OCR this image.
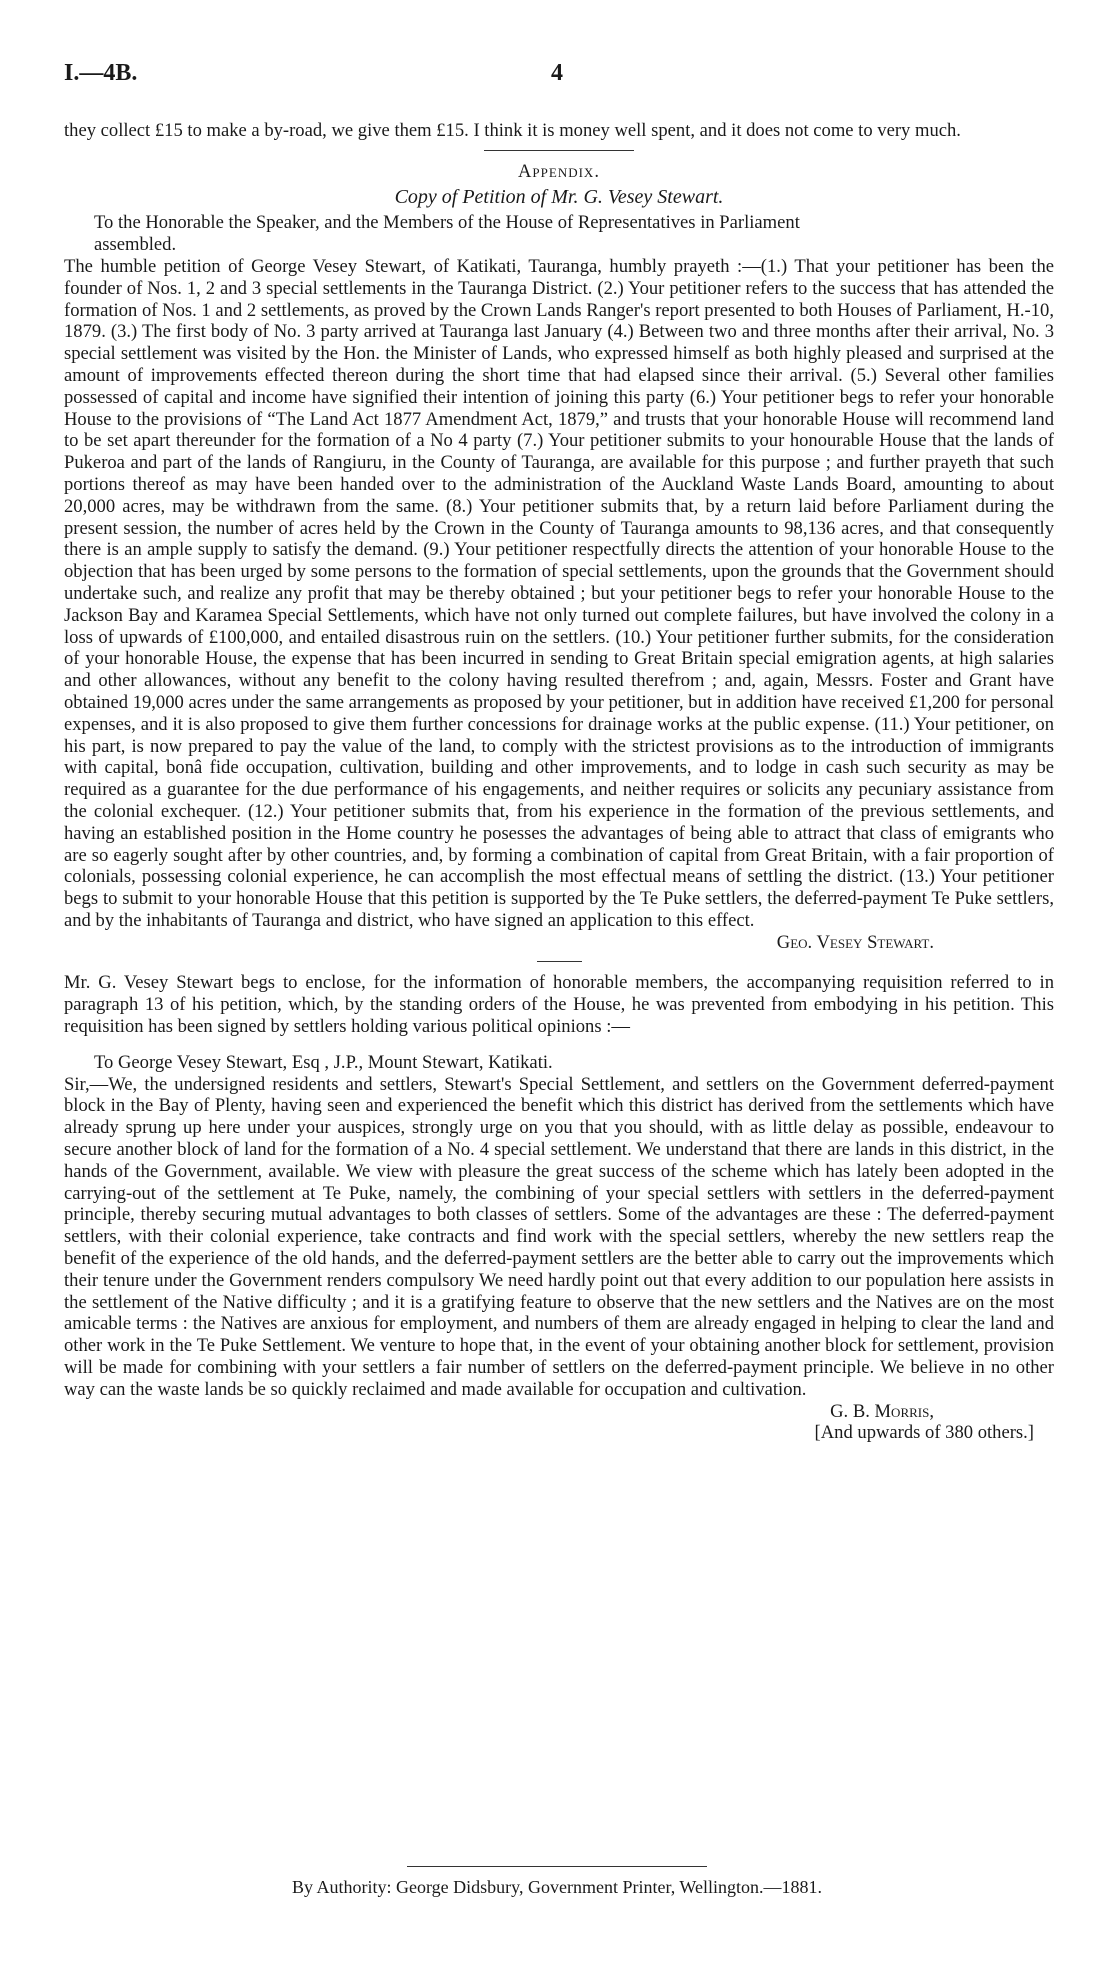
I.—4B.	4

they collect £15 to make a by-road, we give them £15. I think it is money well spent, and it does not come to very much.

Appendix.
Copy of Petition of Mr. G. Vesey Stewart.

To the Honorable the Speaker, and the Members of the House of Representatives in Parliament

assembled.

The humble petition of George Vesey Stewart, of Katikati, Tauranga, humbly prayeth :—(1.) That your petitioner has been the founder of Nos. 1, 2 and 3 special settlements in the Tauranga District. (2.) Your petitioner refers to the success that has attended the formation of Nos. 1 and 2 settlements, as proved by the Crown Lands Ranger's report presented to both Houses of Parliament, H.-10, 1879. (3.) The first body of No. 3 party arrived at Tauranga last January (4.) Between two and three months after their arrival, No. 3 special settlement was visited by the Hon. the Minister of Lands, who expressed himself as both highly pleased and surprised at the amount of improvements effected thereon during the short time that had elapsed since their arrival. (5.) Several other families possessed of capital and income have signified their intention of joining this party (6.) Your petitioner begs to refer your honorable House to the provisions of “The Land Act 1877 Amendment Act, 1879,” and trusts that your honorable House will recommend land to be set apart thereunder for the formation of a No 4 party (7.) Your petitioner submits to your honourable House that the lands of Pukeroa and part of the lands of Rangiuru, in the County of Tauranga, are available for this purpose ; and further prayeth that such portions thereof as may have been handed over to the administration of the Auckland Waste Lands Board, amounting to about 20,000 acres, may be withdrawn from the same. (8.) Your petitioner submits that, by a return laid before Parliament during the present session, the number of acres held by the Crown in the County of Tauranga amounts to 98,136 acres, and that consequently there is an ample supply to satisfy the demand. (9.) Your petitioner respectfully directs the attention of your honorable House to the objection that has been urged by some persons to the formation of special settlements, upon the grounds that the Government should undertake such, and realize any profit that may be thereby obtained ; but your petitioner begs to refer your honorable House to the Jackson Bay and Karamea Special Settlements, which have not only turned out complete failures, but have involved the colony in a loss of upwards of £100,000, and entailed disastrous ruin on the settlers. (10.) Your petitioner further submits, for the consideration of your honorable House, the expense that has been incurred in sending to Great Britain special emigration agents, at high salaries and other allowances, without any benefit to the colony having resulted therefrom ; and, again, Messrs. Foster and Grant have obtained 19,000 acres under the same arrangements as proposed by your petitioner, but in addition have received £1,200 for personal expenses, and it is also proposed to give them further concessions for drainage works at the public expense. (11.) Your petitioner, on his part, is now prepared to pay the value of the land, to comply with the strictest provisions as to the introduction of immigrants with capital, bonâ fide occupation, cultivation, building and other improvements, and to lodge in cash such security as may be required as a guarantee for the due performance of his engagements, and neither requires or solicits any pecuniary assistance from the colonial exchequer. (12.) Your petitioner submits that, from his experience in the formation of the previous settlements, and having an established position in the Home country he posesses the advantages of being able to attract that class of emigrants who are so eagerly sought after by other countries, and, by forming a combination of capital from Great Britain, with a fair proportion of colonials, possessing colonial experience, he can accomplish the most effectual means of settling the district. (13.) Your petitioner begs to submit to your honorable House that this petition is supported by the Te Puke settlers, the deferred-payment Te Puke settlers, and by the inhabitants of Tauranga and district, who have signed an application to this effect.

Geo. Vesey Stewart.

Mr. G. Vesey Stewart begs to enclose, for the information of honorable members, the accompanying requisition referred to in paragraph 13 of his petition, which, by the standing orders of the House, he was prevented from embodying in his petition. This requisition has been signed by settlers holding various political opinions :—

To George Vesey Stewart, Esq , J.P., Mount Stewart, Katikati.

Sir,—We, the undersigned residents and settlers, Stewart's Special Settlement, and settlers on the Government deferred-payment block in the Bay of Plenty, having seen and experienced the benefit which this district has derived from the settlements which have already sprung up here under your auspices, strongly urge on you that you should, with as little delay as possible, endeavour to secure another block of land for the formation of a No. 4 special settlement. We understand that there are lands in this district, in the hands of the Government, available. We view with pleasure the great success of the scheme which has lately been adopted in the carrying-out of the settlement at Te Puke, namely, the combining of your special settlers with settlers in the deferred-payment principle, thereby securing mutual advantages to both classes of settlers. Some of the advantages are these : The deferred-payment settlers, with their colonial experience, take contracts and find work with the special settlers, whereby the new settlers reap the benefit of the experience of the old hands, and the deferred-payment settlers are the better able to carry out the improvements which their tenure under the Government renders compulsory We need hardly point out that every addition to our population here assists in the settlement of the Native difficulty ; and it is a gratifying feature to observe that the new settlers and the Natives are on the most amicable terms : the Natives are anxious for employment, and numbers of them are already engaged in helping to clear the land and other work in the Te Puke Settlement. We venture to hope that, in the event of your obtaining another block for settlement, provision will be made for combining with your settlers a fair number of settlers on the deferred-payment principle. We believe in no other way can the waste lands be so quickly reclaimed and made available for occupation and cultivation.

G. B. Morris,
[And upwards of 380 others.]
By Authority: George Didsbury, Government Printer, Wellington.—1881.
